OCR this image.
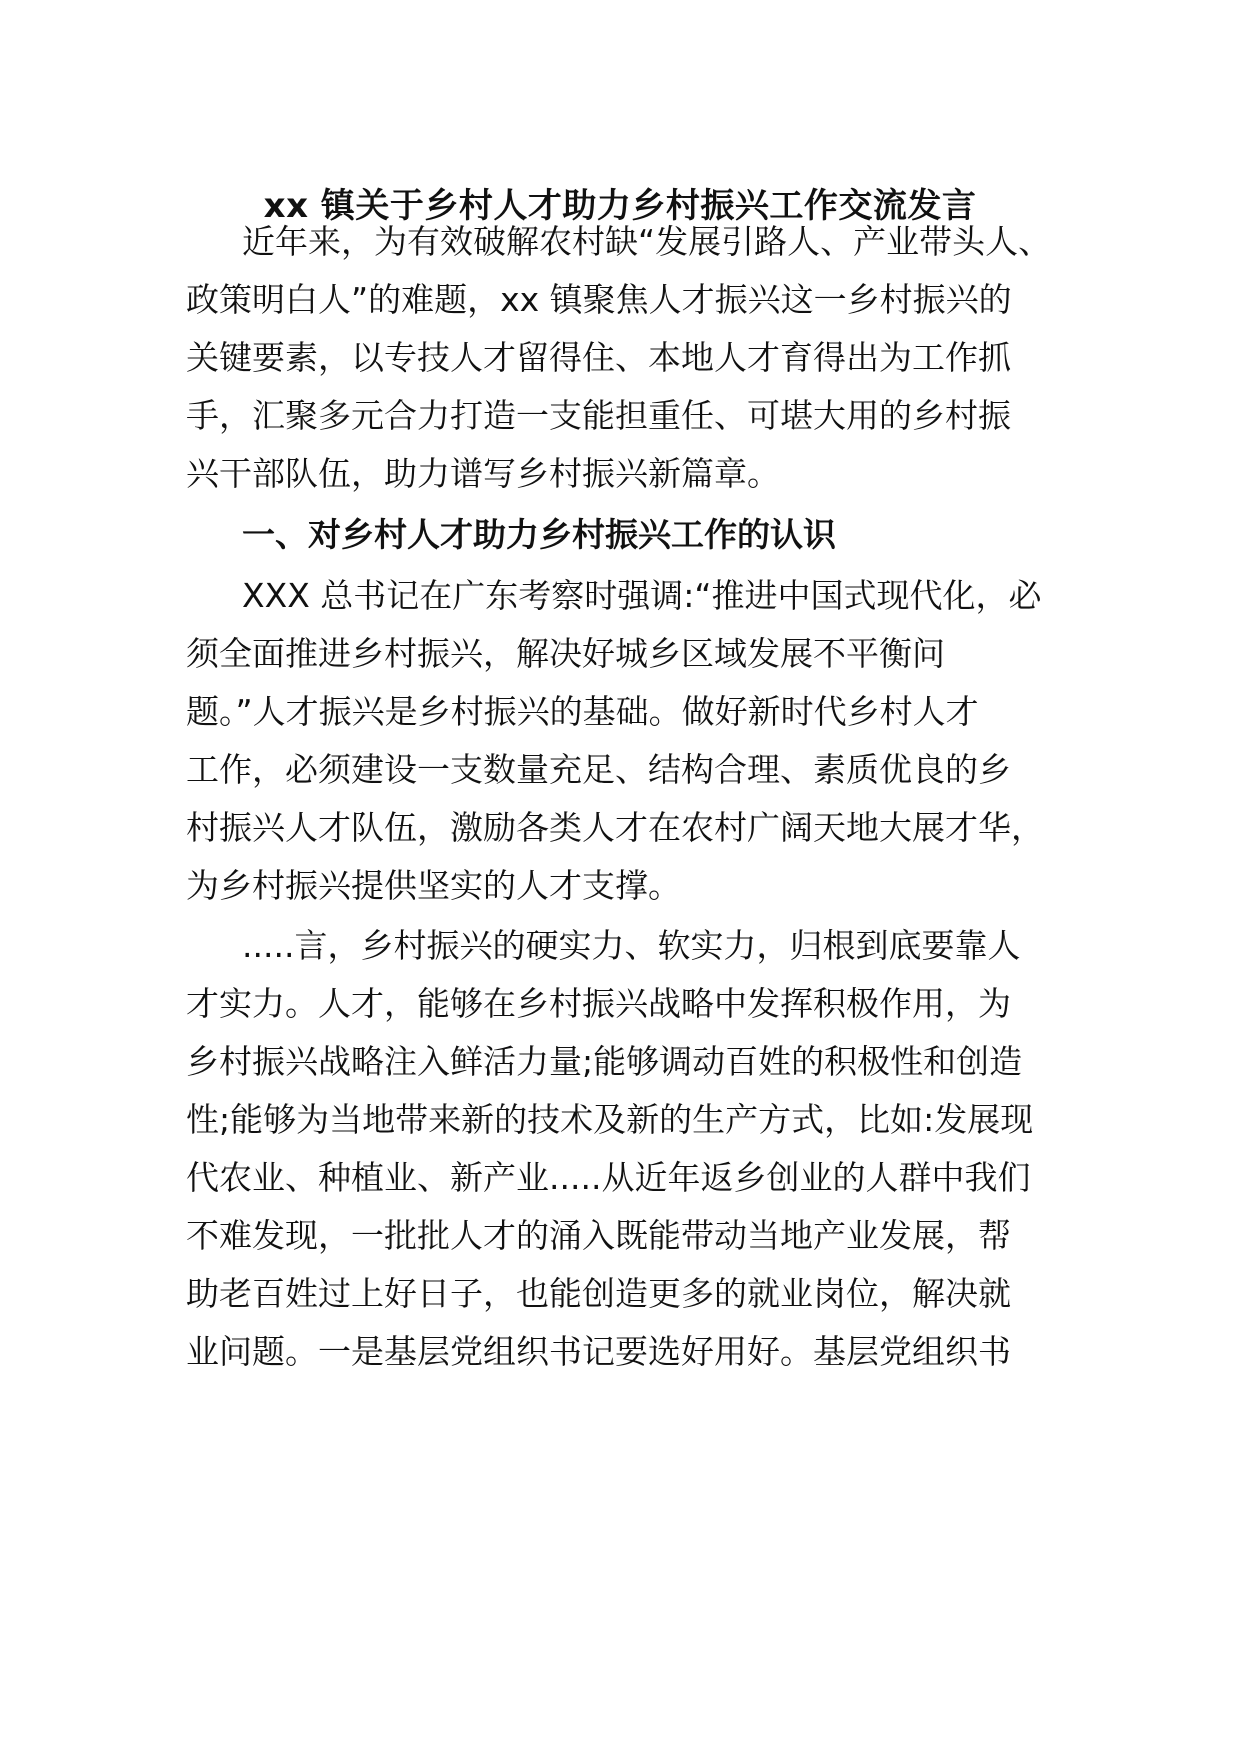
xx 镇关于乡村人才助力乡村振兴工作交流发言
近年来，为有效破解农村缺“发展引路人、产业带头人、
政策明白人”的难题，xx 镇聚焦人才振兴这一乡村振兴的
关键要素，以专技人才留得住、本地人才育得出为工作抓
手，汇聚多元合力打造一支能担重任、可堪大用的乡村振
兴干部队伍，助力谱写乡村振兴新篇章。
一、对乡村人才助力乡村振兴工作的认识
XXX 总书记在广东考察时强调:“推进中国式现代化，必
须全面推进乡村振兴，解决好城乡区域发展不平衡问
题。”人才振兴是乡村振兴的基础。做好新时代乡村人才
工作，必须建设一支数量充足、结构合理、素质优良的乡
村振兴人才队伍，激励各类人才在农村广阔天地大展才华，
为乡村振兴提供坚实的人才支撑。
.....言，乡村振兴的硬实力、软实力，归根到底要靠人
才实力。人才，能够在乡村振兴战略中发挥积极作用，为
乡村振兴战略注入鲜活力量;能够调动百姓的积极性和创造
性;能够为当地带来新的技术及新的生产方式，比如:发展现
代农业、种植业、新产业.....从近年返乡创业的人群中我们
不难发现，一批批人才的涌入既能带动当地产业发展，帮
助老百姓过上好日子，也能创造更多的就业岗位，解决就
业问题。一是基层党组织书记要选好用好。基层党组织书
